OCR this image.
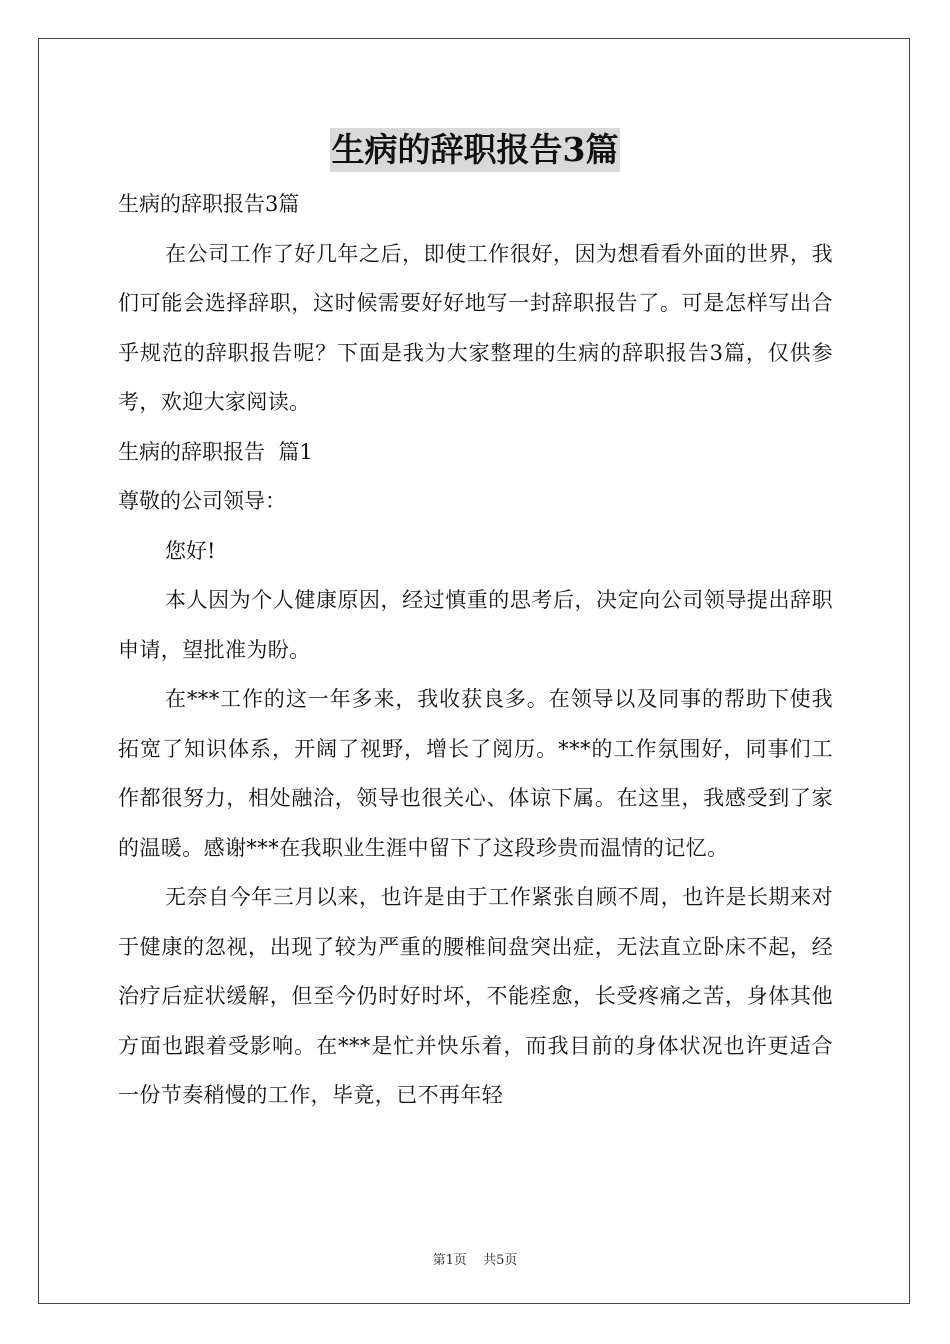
生病的辞职报告3篇

生病的辞职报告3篇

在公司工作了好几年之后，即使工作很好，因为想看看外面的世界，我们可能会选择辞职，这时候需要好好地写一封辞职报告了。可是怎样写出合乎规范的辞职报告呢？下面是我为大家整理的生病的辞职报告3篇，仅供参考，欢迎大家阅读。

生病的辞职报告  篇1

尊敬的公司领导：

您好!

本人因为个人健康原因，经过慎重的思考后，决定向公司领导提出辞职申请，望批准为盼。

在***工作的这一年多来，我收获良多。在领导以及同事的帮助下使我拓宽了知识体系，开阔了视野，增长了阅历。***的工作氛围好，同事们工作都很努力，相处融洽，领导也很关心、体谅下属。在这里，我感受到了家的温暖。感谢***在我职业生涯中留下了这段珍贵而温情的记忆。

无奈自今年三月以来，也许是由于工作紧张自顾不周，也许是长期来对于健康的忽视，出现了较为严重的腰椎间盘突出症，无法直立卧床不起，经治疗后症状缓解，但至今仍时好时坏，不能痊愈，长受疼痛之苦，身体其他方面也跟着受影响。在***是忙并快乐着，而我目前的身体状况也许更适合一份节奏稍慢的工作，毕竟，已不再年轻

第1页 共5页
